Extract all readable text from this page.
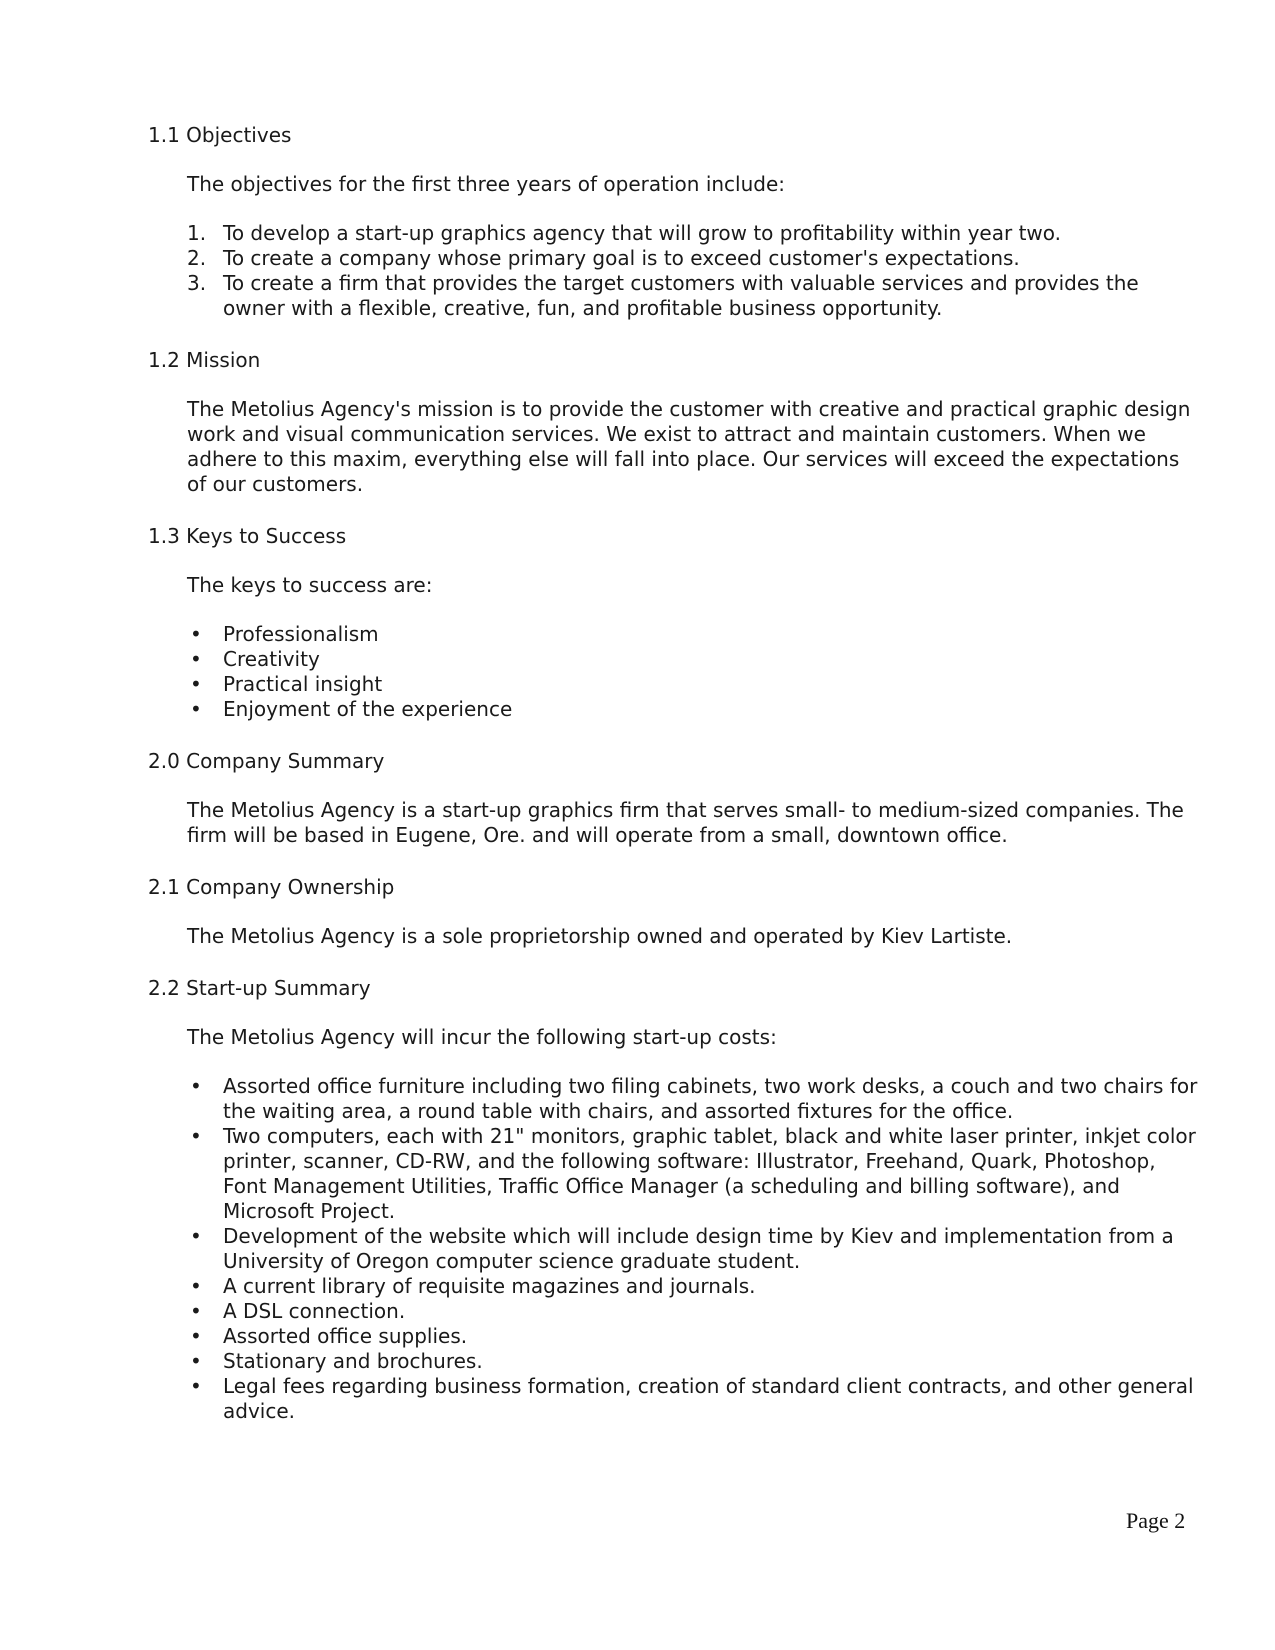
1.1 Objectives

The objectives for the first three years of operation include:

1. To develop a start-up graphics agency that will grow to profitability within year two.
2. To create a company whose primary goal is to exceed customer's expectations.
3. To create a firm that provides the target customers with valuable services and provides the owner with a flexible, creative, fun, and profitable business opportunity.
1.2 Mission

The Metolius Agency's mission is to provide the customer with creative and practical graphic design work and visual communication services. We exist to attract and maintain customers. When we adhere to this maxim, everything else will fall into place. Our services will exceed the expectations of our customers.

1.3 Keys to Success

The keys to success are:

• Professionalism
• Creativity
• Practical insight
• Enjoyment of the experience
2.0 Company Summary

The Metolius Agency is a start-up graphics firm that serves small- to medium-sized companies. The firm will be based in Eugene, Ore. and will operate from a small, downtown office.

2.1 Company Ownership

The Metolius Agency is a sole proprietorship owned and operated by Kiev Lartiste.

2.2 Start-up Summary

The Metolius Agency will incur the following start-up costs:

• Assorted office furniture including two filing cabinets, two work desks, a couch and two chairs for the waiting area, a round table with chairs, and assorted fixtures for the office.
• Two computers, each with 21" monitors, graphic tablet, black and white laser printer, inkjet color printer, scanner, CD-RW, and the following software: Illustrator, Freehand, Quark, Photoshop, Font Management Utilities, Traffic Office Manager (a scheduling and billing software), and Microsoft Project.
• Development of the website which will include design time by Kiev and implementation from a University of Oregon computer science graduate student.
• A current library of requisite magazines and journals.
• A DSL connection.
• Assorted office supplies.
• Stationary and brochures.
• Legal fees regarding business formation, creation of standard client contracts, and other general advice.
Page 2
